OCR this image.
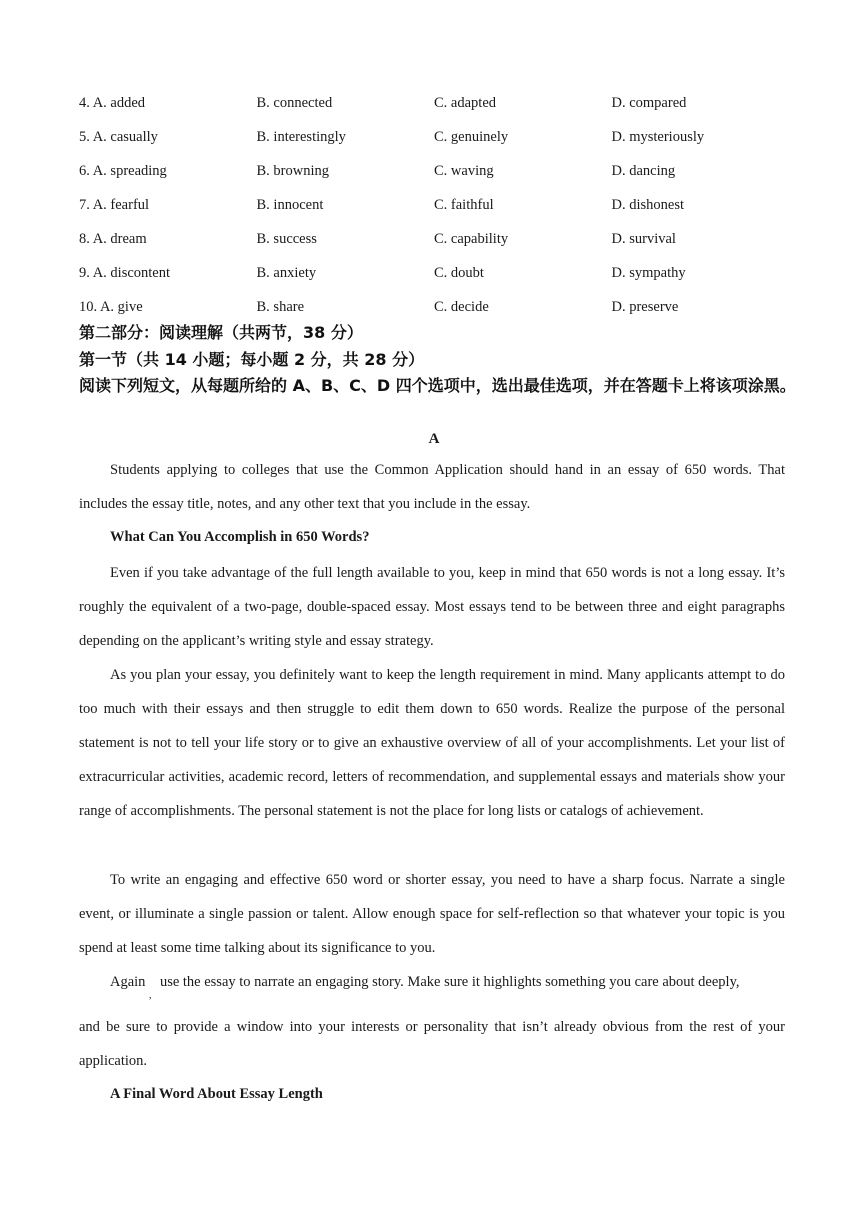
4. A. added	B. connected	C. adapted	D. compared
5. A. casually	B. interestingly	C. genuinely	D. mysteriously
6. A. spreading	B. browning	C. waving	D. dancing
7. A. fearful	B. innocent	C. faithful	D. dishonest
8. A. dream	B. success	C. capability	D. survival
9. A. discontent	B. anxiety	C. doubt	D. sympathy
10. A. give	B. share	C. decide	D. preserve
第二部分：阅读理解（共两节，38 分）
第一节（共 14 小题；每小题 2 分，共 28 分）
阅读下列短文，从每题所给的 A、B、C、D 四个选项中，选出最佳选项，并在答题卡上将该项涂黑。
A
Students applying to colleges that use the Common Application should hand in an essay of 650 words. That includes the essay title, notes, and any other text that you include in the essay.
What Can You Accomplish in 650 Words?
Even if you take advantage of the full length available to you, keep in mind that 650 words is not a long essay. It’s roughly the equivalent of a two-page, double-spaced essay. Most essays tend to be between three and eight paragraphs depending on the applicant’s writing style and essay strategy.
As you plan your essay, you definitely want to keep the length requirement in mind. Many applicants attempt to do too much with their essays and then struggle to edit them down to 650 words. Realize the purpose of the personal statement is not to tell your life story or to give an exhaustive overview of all of your accomplishments. Let your list of extracurricular activities, academic record, letters of recommendation, and supplemental essays and materials show your range of accomplishments. The personal statement is not the place for long lists or catalogs of achievement.
To write an engaging and effective 650 word or shorter essay, you need to have a sharp focus. Narrate a single event, or illuminate a single passion or talent. Allow enough space for self-reflection so that whatever your topic is you spend at least some time talking about its significance to you.
Again use the essay to narrate an engaging story. Make sure it highlights something you care about deeply,
,
and be sure to provide a window into your interests or personality that isn’t already obvious from the rest of your application.
A Final Word About Essay Length
